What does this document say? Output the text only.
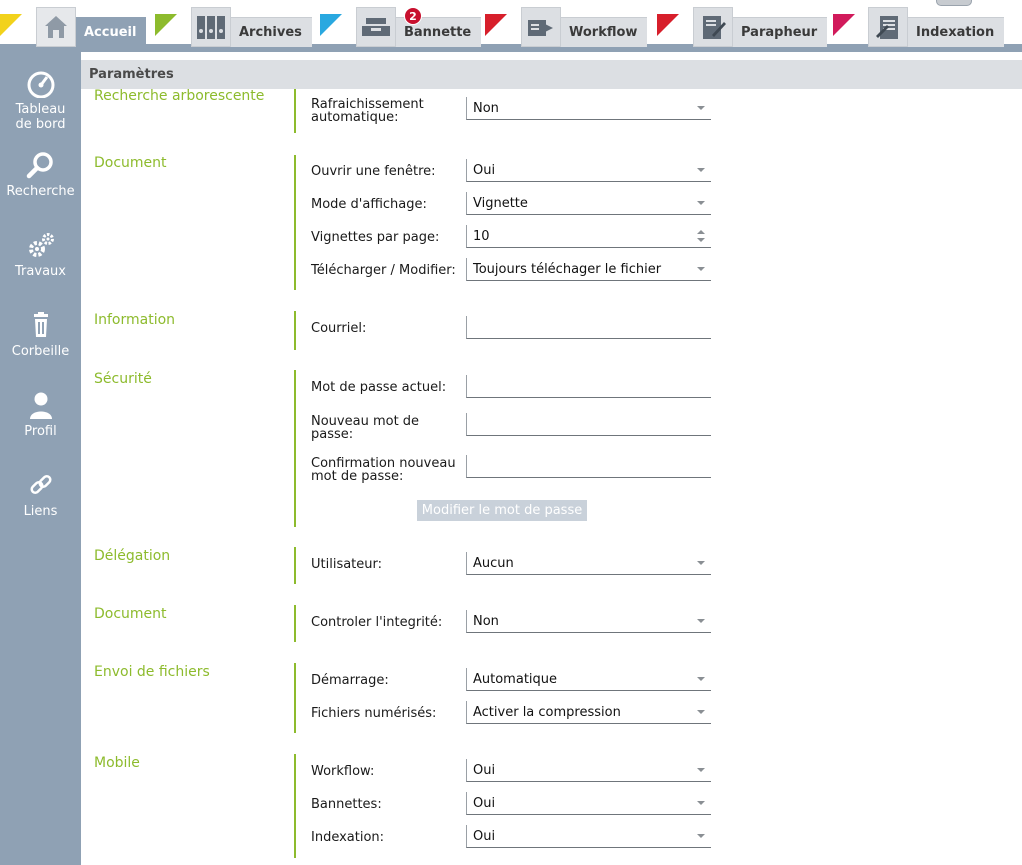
Accueil	Archives	Bannette
2
Workflow	Parapheur	Indexation
Tableau de bord
Recherche
Travaux
Corbeille
Profil
Liens
Paramètres
Recherche arborescente
Rafraichissement automatique:
Non
Document
Ouvrir une fenêtre:	Oui
Mode d'affichage:	Vignette
Vignettes par page:	10
Télécharger / Modifier:	Toujours téléchager le fichier
Information
Courriel:
Sécurité
Mot de passe actuel:
Nouveau mot de passe:
Confirmation nouveau mot de passe:
Modifier le mot de passe
Délégation
Utilisateur:	Aucun
Document
Controler l'integrité:	Non
Envoi de fichiers
Démarrage:	Automatique
Fichiers numérisés:	Activer la compression
Mobile
Workflow:	Oui
Bannettes:	Oui
Indexation:	Oui
